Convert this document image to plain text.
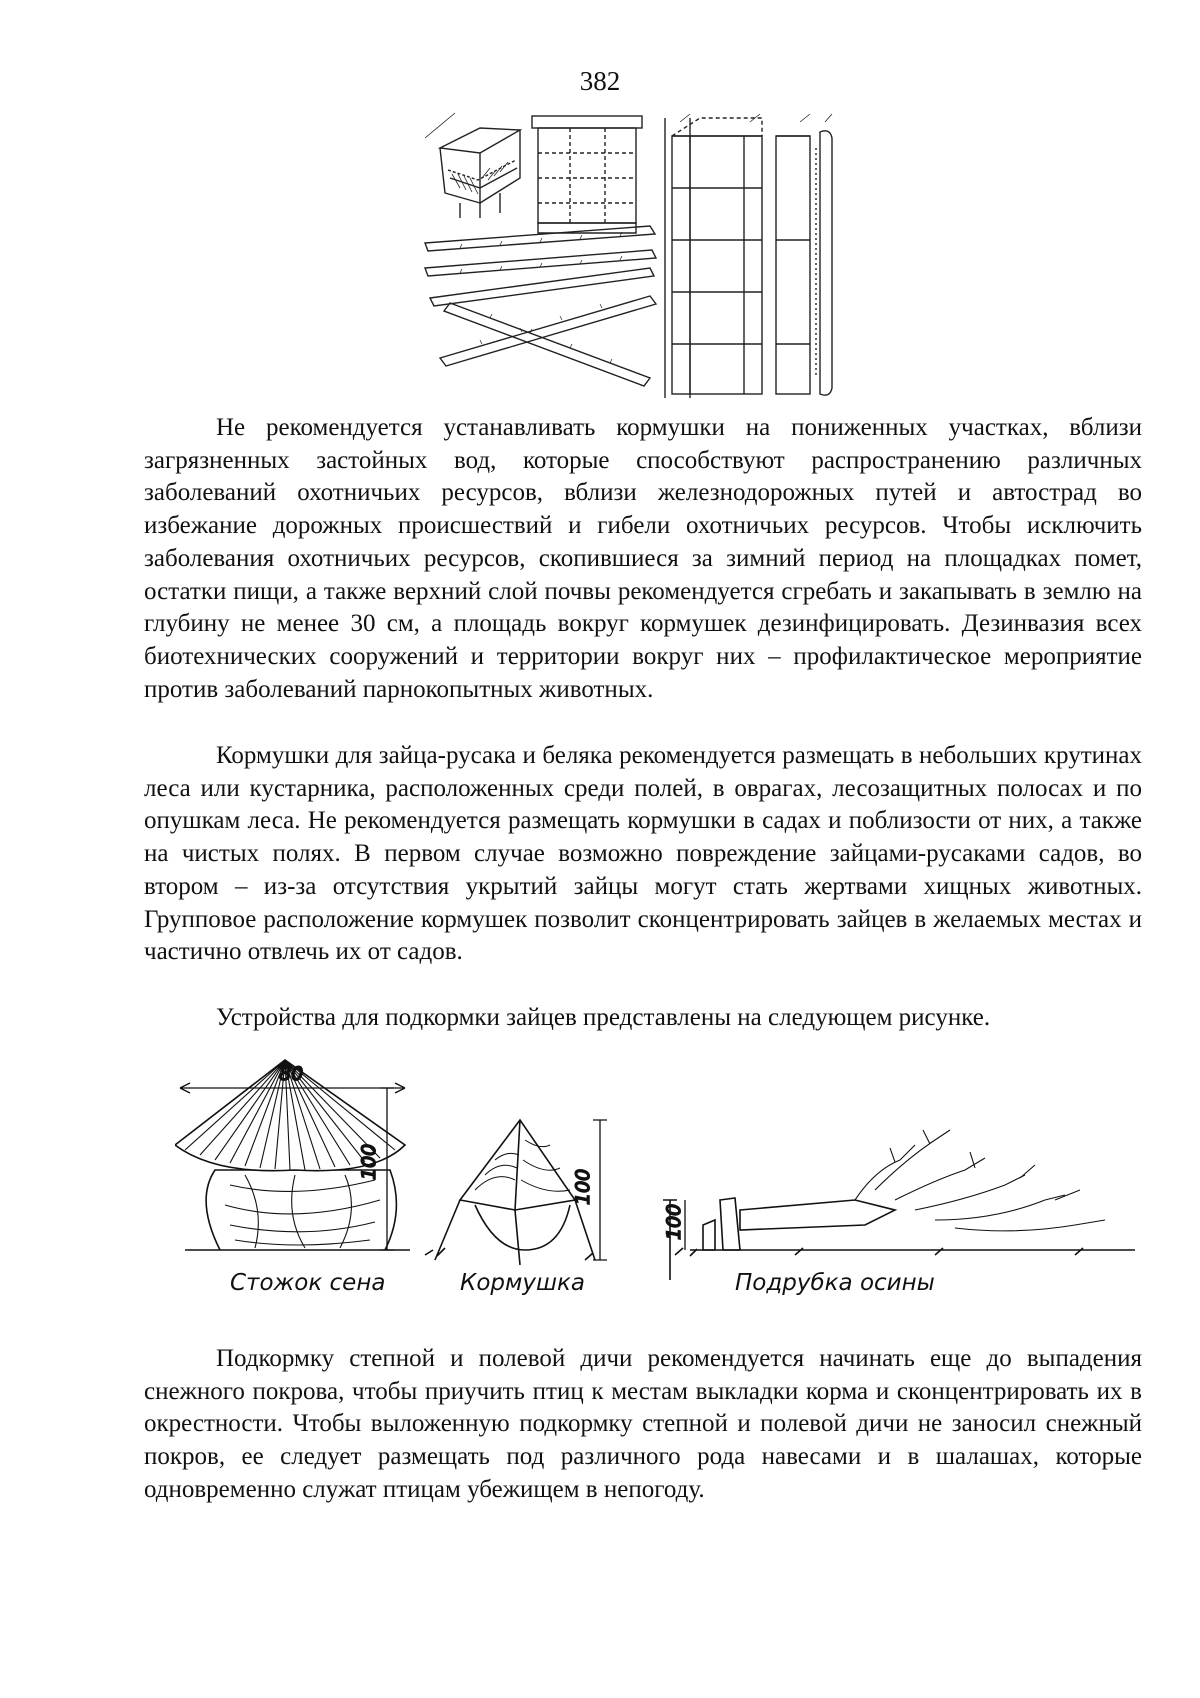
382

Не рекомендуется устанавливать кормушки на пониженных участках, вблизи загрязненных застойных вод, которые способствуют распространению различных заболеваний охотничьих ресурсов, вблизи железнодорожных путей и автострад во избежание дорожных происшествий и гибели охотничьих ресурсов. Чтобы исключить заболевания охотничьих ресурсов, скопившиеся за зимний период на площадках помет, остатки пищи, а также верхний слой почвы рекомендуется сгребать и закапывать в землю на глубину не менее 30 см, а площадь вокруг кормушек дезинфицировать. Дезинвазия всех биотехнических сооружений и территории вокруг них – профилактическое мероприятие против заболеваний парнокопытных животных.

Кормушки для зайца-русака и беляка рекомендуется размещать в небольших крутинах леса или кустарника, расположенных среди полей, в оврагах, лесозащитных полосах и по опушкам леса. Не рекомендуется размещать кормушки в садах и поблизости от них, а также на чистых полях. В первом случае возможно повреждение зайцами-русаками садов, во втором – из-за отсутствия укрытий зайцы могут стать жертвами хищных животных. Групповое расположение кормушек позволит сконцентрировать зайцев в желаемых местах и частично отвлечь их от садов.

Устройства для подкормки зайцев представлены на следующем рисунке.

80
100
100
100
Стожок сена	Кормушка	Подрубка осины

Подкормку степной и полевой дичи рекомендуется начинать еще до выпадения снежного покрова, чтобы приучить птиц к местам выкладки корма и сконцентрировать их в окрестности. Чтобы выложенную подкормку степной и полевой дичи не заносил снежный покров, ее следует размещать под различного рода навесами и в шалашах, которые одновременно служат птицам убежищем в непогоду.
